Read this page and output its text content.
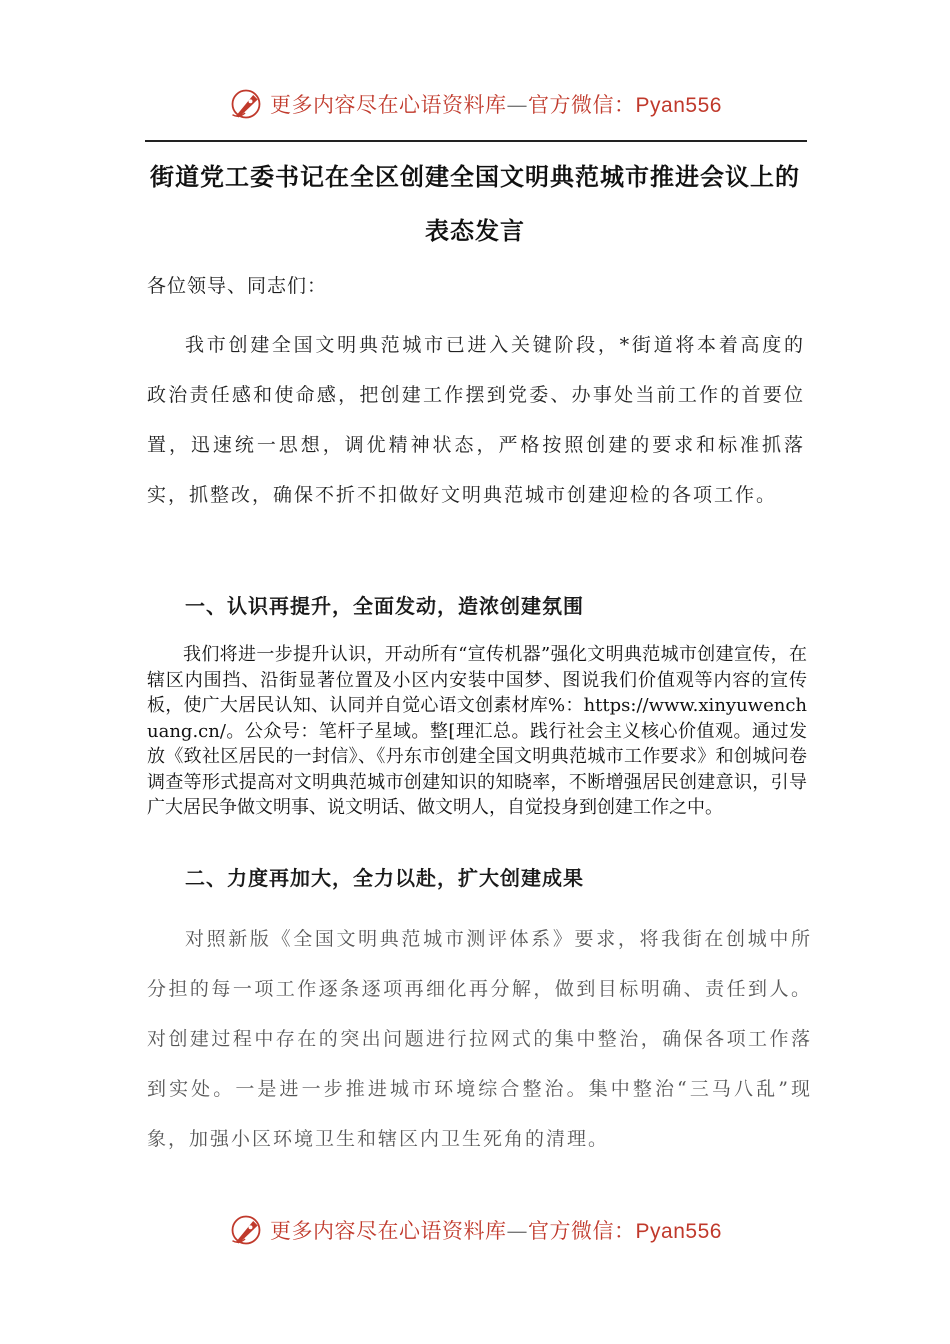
更多内容尽在心语资料库—官方微信：Pyan556
街道党工委书记在全区创建全国文明典范城市推进会议上的表态发言

各位领导、同志们：

我市创建全国文明典范城市已进入关键阶段，*街道将本着高度的政治责任感和使命感，把创建工作摆到党委、办事处当前工作的首要位置，迅速统一思想，调优精神状态，严格按照创建的要求和标准抓落实，抓整改，确保不折不扣做好文明典范城市创建迎检的各项工作。

一、认识再提升，全面发动，造浓创建氛围

我们将进一步提升认识，开动所有“宣传机器”强化文明典范城市创建宣传，在辖区内围挡、沿街显著位置及小区内安装中国梦、图说我们价值观等内容的宣传板，使广大居民认知、认同并自觉心语文创素材库%：https://www.xinyuwenchuang.cn/。公众号：笔杆子星域。整[理汇总。践行社会主义核心价值观。通过发放《致社区居民的一封信》、《丹东市创建全国文明典范城市工作要求》和创城问卷调查等形式提高对文明典范城市创建知识的知晓率，不断增强居民创建意识，引导广大居民争做文明事、说文明话、做文明人，自觉投身到创建工作之中。

二、力度再加大，全力以赴，扩大创建成果

对照新版《全国文明典范城市测评体系》要求，将我街在创城中所分担的每一项工作逐条逐项再细化再分解，做到目标明确、责任到人。对创建过程中存在的突出问题进行拉网式的集中整治，确保各项工作落到实处。一是进一步推进城市环境综合整治。集中整治“三马八乱”现象，加强小区环境卫生和辖区内卫生死角的清理。

更多内容尽在心语资料库—官方微信：Pyan556
